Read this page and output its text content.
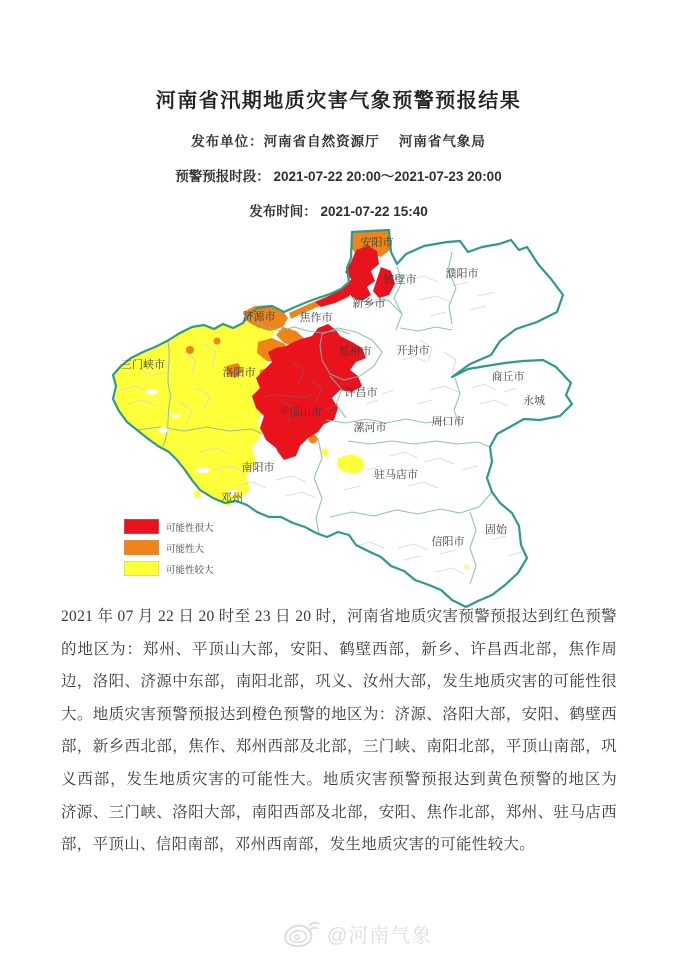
河南省汛期地质灾害气象预警预报结果
发布单位：河南省自然资源厅　 河南省气象局
预警预报时段： 2021-07-22 20:00～2021-07-23 20:00
发布时间： 2021-07-22 15:40
安阳市
鹤壁市	濮阳市
新乡市
焦作市
济源市
三门峡市
洛阳市
郑州市 开封市
商丘市
永城
许昌市
漯河市	周口市
平顶山市
南阳市
邓州
驻马店市
信阳市
固始
可能性很大
可能性大
可能性较大
2021 年 07 月 22 日 20 时至 23 日 20 时，河南省地质灾害预警预报达到红色预警的地区为：郑州、平顶山大部，安阳、鹤壁西部，新乡、许昌西北部，焦作周边，洛阳、济源中东部，南阳北部，巩义、汝州大部，发生地质灾害的可能性很大。地质灾害预警预报达到橙色预警的地区为：济源、洛阳大部，安阳、鹤壁西部，新乡西北部，焦作、郑州西部及北部，三门峡、南阳北部，平顶山南部，巩义西部，发生地质灾害的可能性大。地质灾害预警预报达到黄色预警的地区为 济源、三门峡、洛阳大部，南阳西部及北部，安阳、焦作北部，郑州、驻马店西部，平顶山、信阳南部，邓州西南部，发生地质灾害的可能性较大。
@河南气象
